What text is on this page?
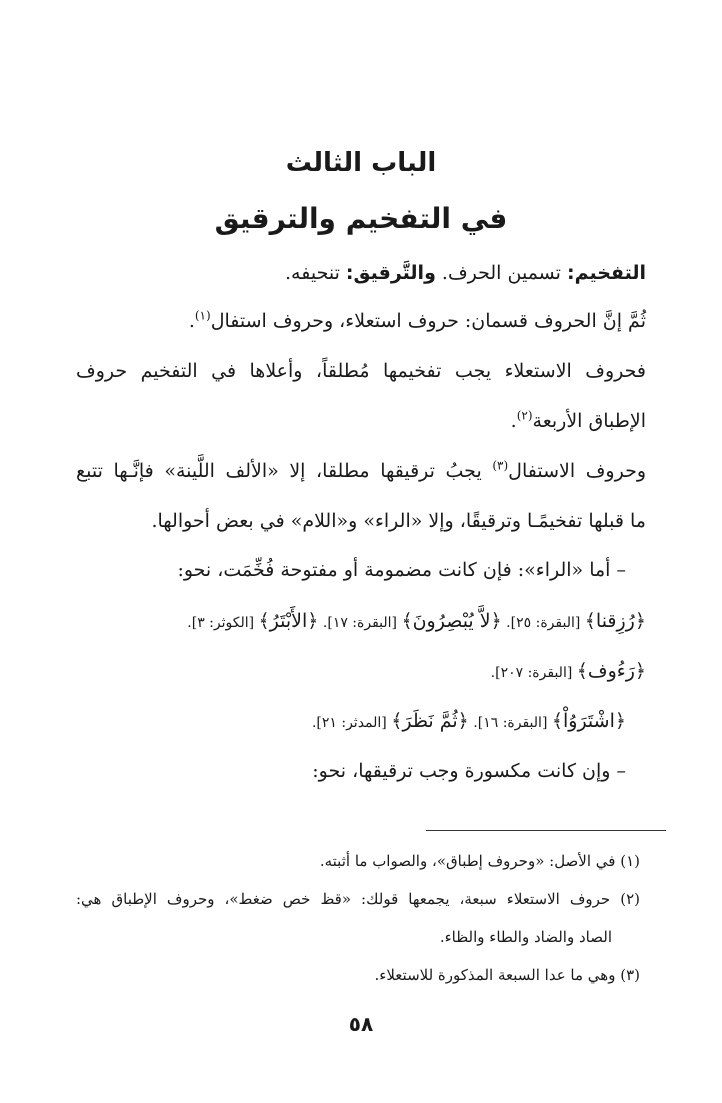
الباب الثالث
في التفخيم والترقيق
التفخيم: تسمين الحرف. والتَّرقيق: تنحيفه.
ثُمَّ إنَّ الحروف قسمان: حروف استعلاء، وحروف استفال$^{(١)}$.
فحروف الاستعلاء يجب تفخيمها مُطلقاً، وأعلاها في التفخيم حروف
الإطباق الأربعة$^{(٢)}$.
وحروف الاستفال$^{(٣)}$ يجبُ ترقيقها مطلقا، إلا «الألف اللَّينة» فإنَّـها تتبع
ما قبلها تفخيمًـا وترقيقًا، وإلا «الراء» و«اللام» في بعض أحوالها.
– أما «الراء»: فإن كانت مضمومة أو مفتوحة فُخِّمَت، نحو:
﴿رُزِقنا﴾ [البقرة: ٢٥]. ﴿لاَّ يُبْصِرُونَ﴾ [البقرة: ١٧]. ﴿الأَبْتَرُ﴾ [الكوثر: ٣].
﴿رَءُوف﴾ [البقرة: ٢٠٧].
﴿اشْتَرَوُاْ﴾ [البقرة: ١٦]. ﴿ثُمَّ نَظَرَ﴾ [المدثر: ٢١].
– وإن كانت مكسورة وجب ترقيقها، نحو:
(١) في الأصل: «وحروف إطباق»، والصواب ما أثبته.
(٢) حروف الاستعلاء سبعة، يجمعها قولك: «قظ خص ضغط»، وحروف الإطباق هي:
الصاد والضاد والطاء والظاء.
(٣) وهي ما عدا السبعة المذكورة للاستعلاء.
٥٨
